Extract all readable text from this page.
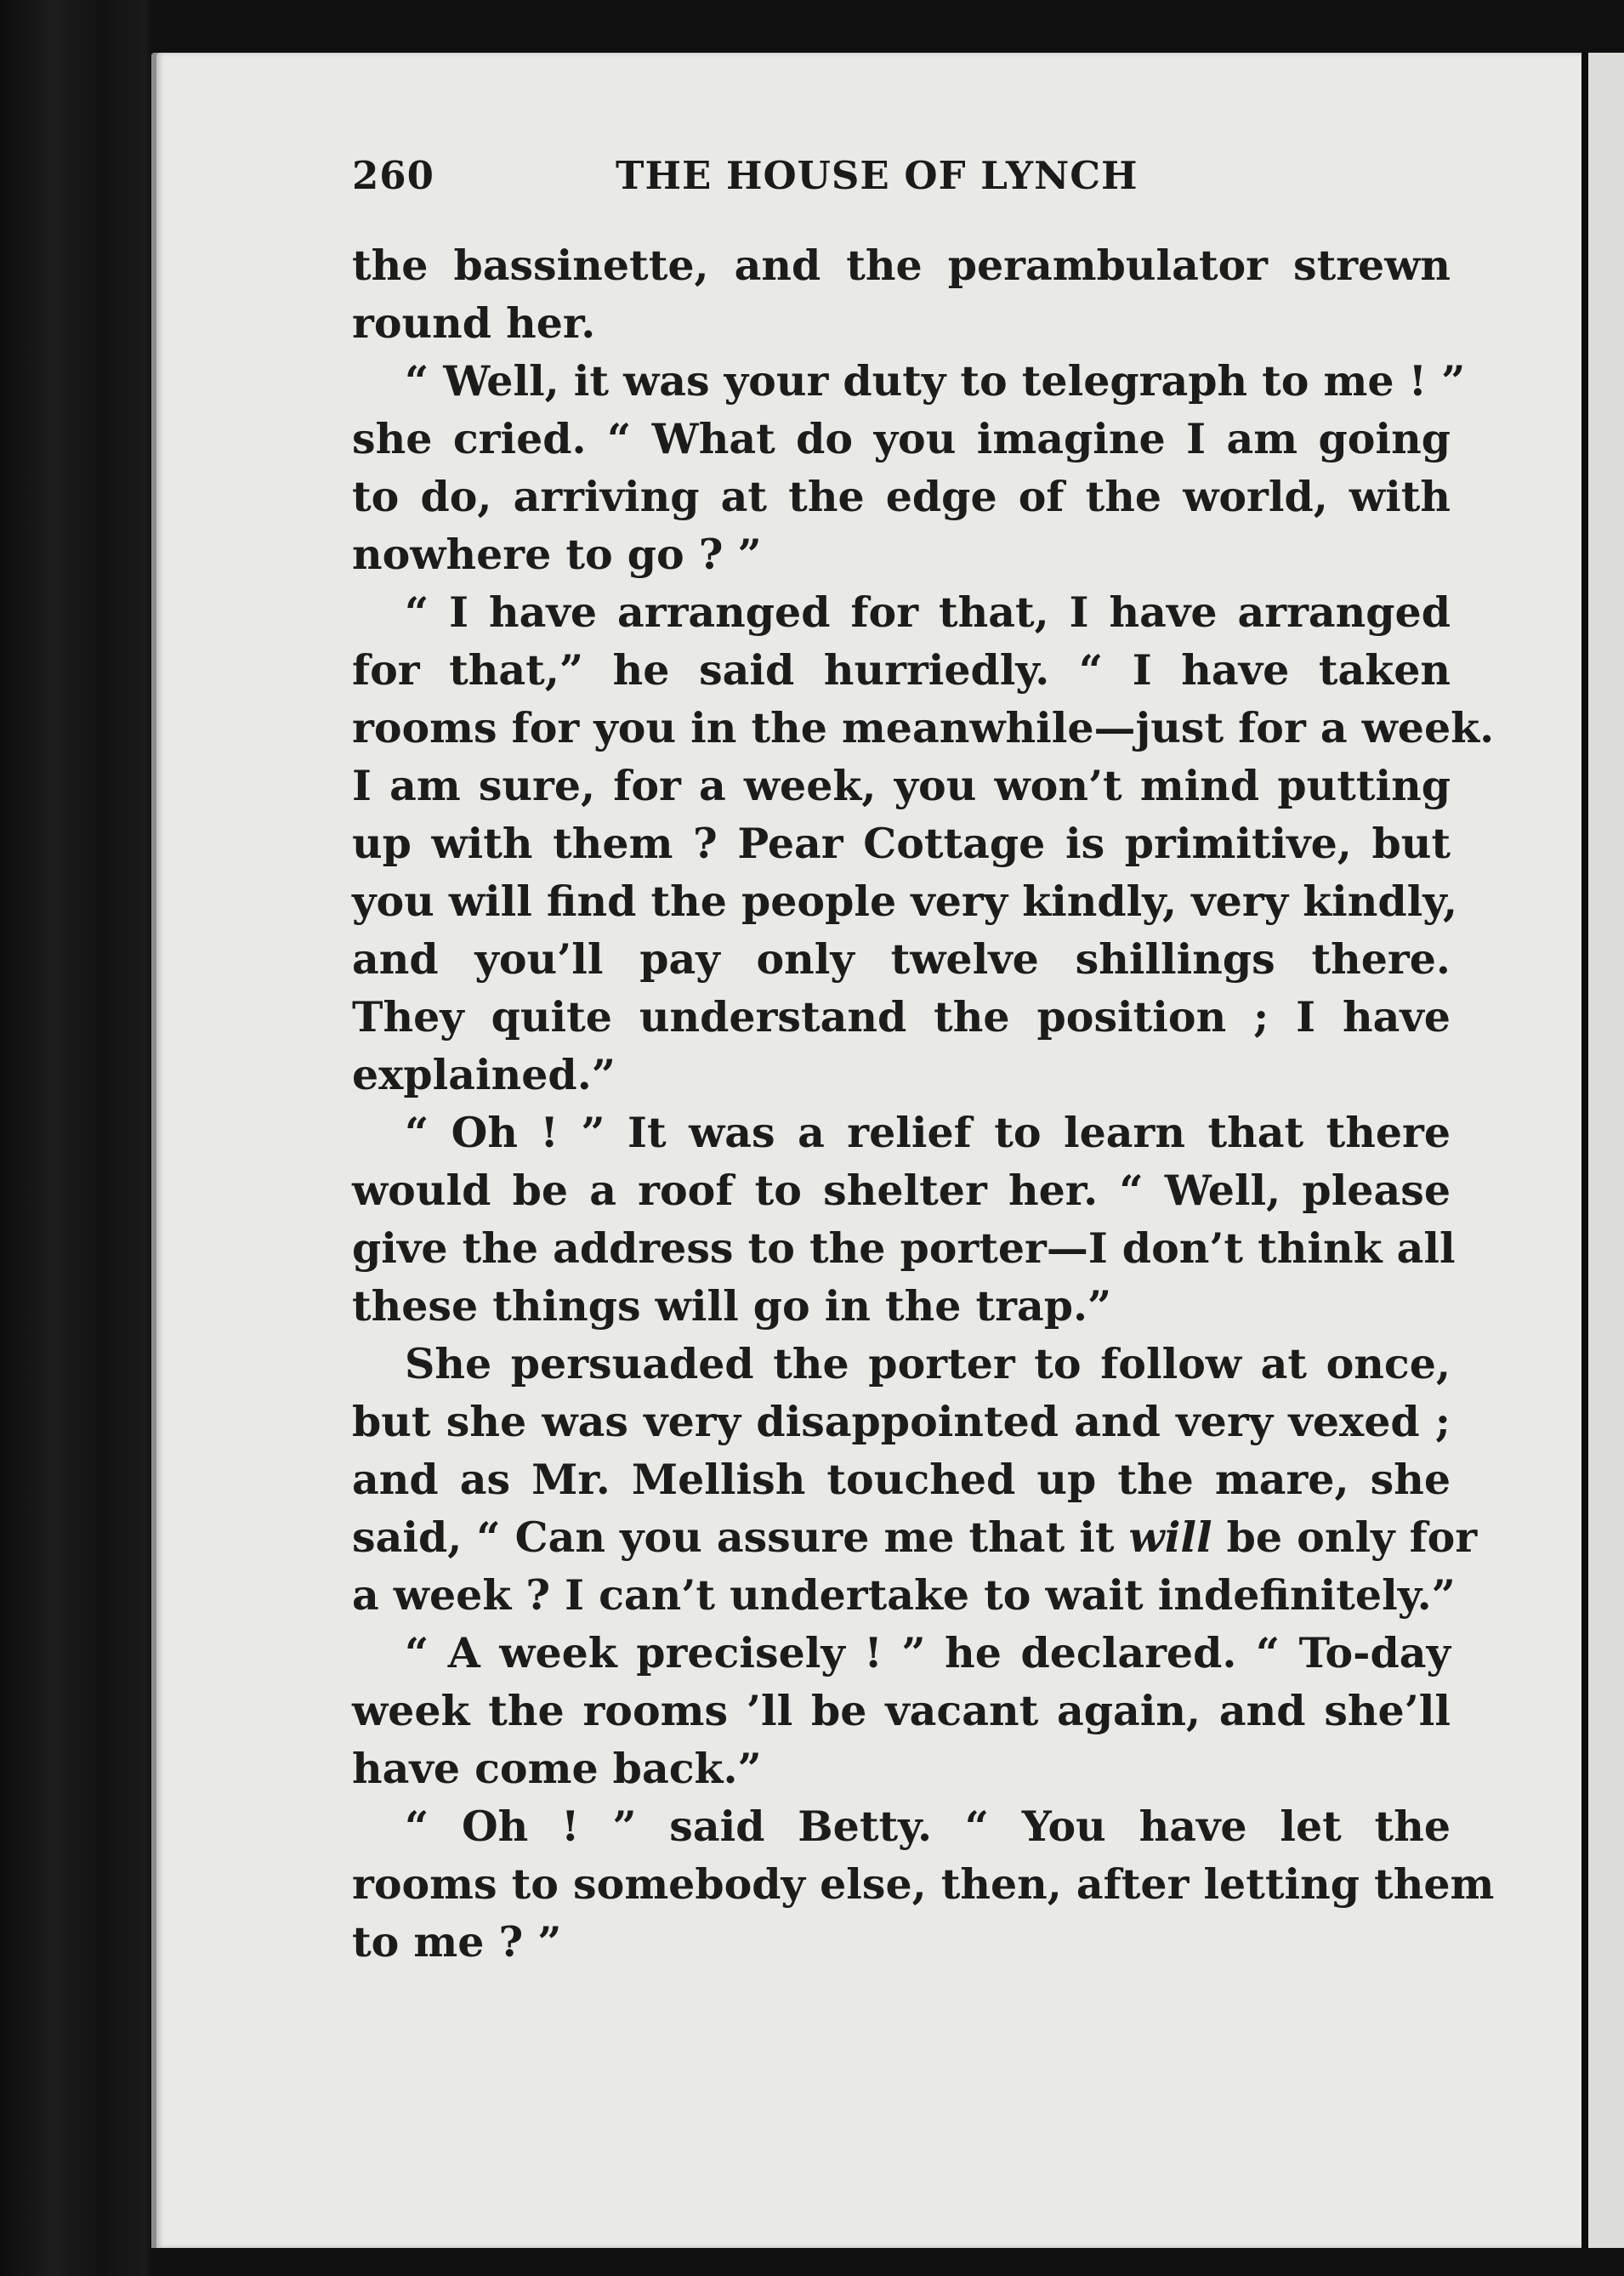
260	THE HOUSE OF LYNCH
the bassinette, and the perambulator strewn
round her.
“ Well, it was your duty to telegraph to me ! ”
she cried. “ What do you imagine I am going
to do, arriving at the edge of the world, with
nowhere to go ? ”
“ I have arranged for that, I have arranged
for that,” he said hurriedly. “ I have taken
rooms for you in the meanwhile—just for a week.
I am sure, for a week, you won’t mind putting
up with them ? Pear Cottage is primitive, but
you will find the people very kindly, very kindly,
and you’ll pay only twelve shillings there.
They quite understand the position ; I have
explained.”
“ Oh ! ” It was a relief to learn that there
would be a roof to shelter her. “ Well, please
give the address to the porter—I don’t think all
these things will go in the trap.”
She persuaded the porter to follow at once,
but she was very disappointed and very vexed ;
and as Mr. Mellish touched up the mare, she
said, “ Can you assure me that it will be only for
a week ? I can’t undertake to wait indefinitely.”
“ A week precisely ! ” he declared. “ To-day
week the rooms ’ll be vacant again, and she’ll
have come back.”
“ Oh ! ” said Betty. “ You have let the
rooms to somebody else, then, after letting them
to me ? ”
